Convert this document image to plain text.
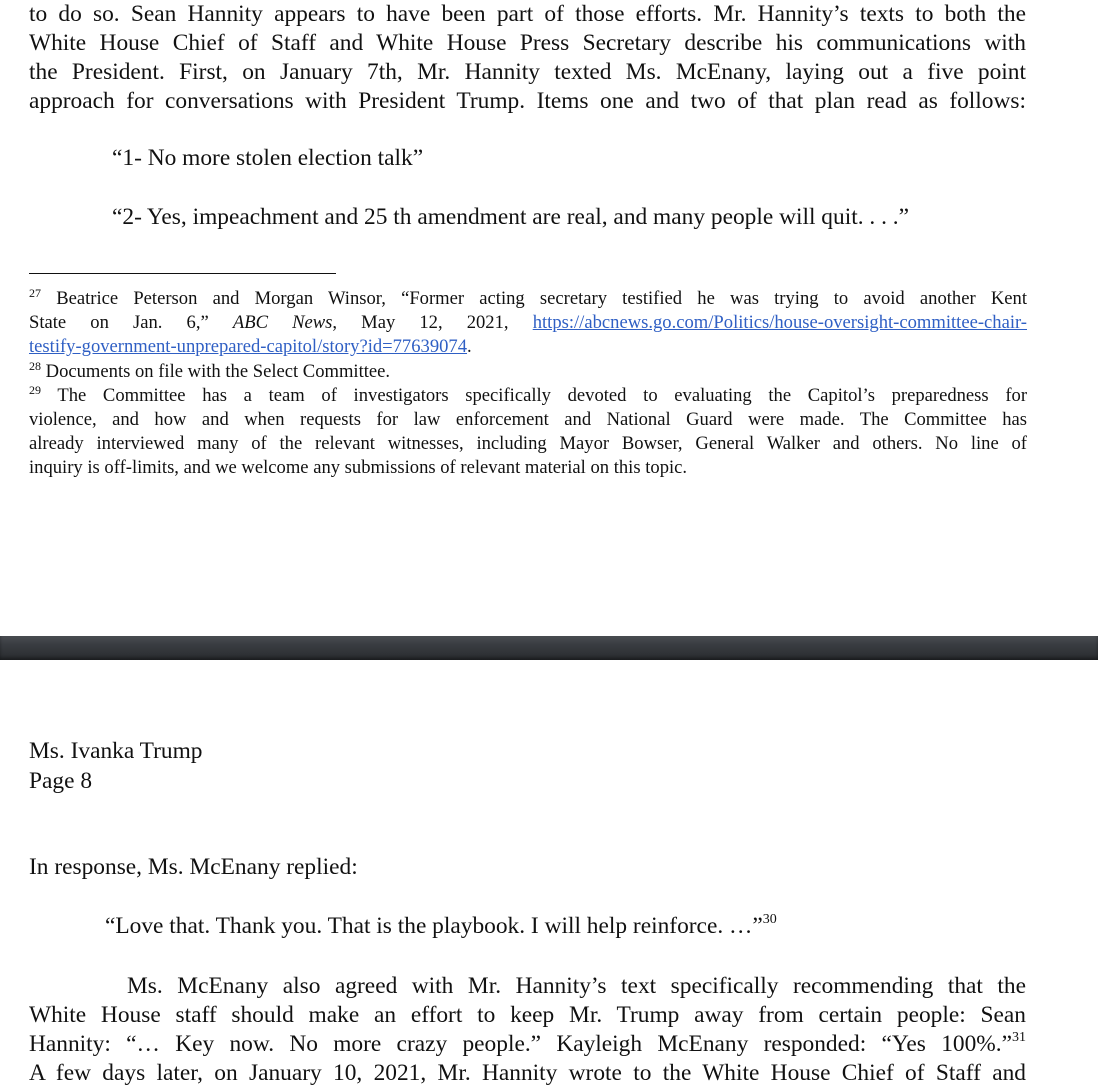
to do so. Sean Hannity appears to have been part of those efforts. Mr. Hannity’s texts to both the
White House Chief of Staff and White House Press Secretary describe his communications with
the President. First, on January 7th, Mr. Hannity texted Ms. McEnany, laying out a five point
approach for conversations with President Trump. Items one and two of that plan read as follows:

“1- No more stolen election talk”

“2- Yes, impeachment and 25 th amendment are real, and many people will quit. . . .”

$^{27}$ Beatrice Peterson and Morgan Winsor, “Former acting secretary testified he was trying to avoid another Kent
State on Jan. 6,” ABC News, May 12, 2021, https://abcnews.go.com/Politics/house-oversight-committee-chair-
testify-government-unprepared-capitol/story?id=77639074.
$^{28}$ Documents on file with the Select Committee.
$^{29}$ The Committee has a team of investigators specifically devoted to evaluating the Capitol’s preparedness for
violence, and how and when requests for law enforcement and National Guard were made. The Committee has
already interviewed many of the relevant witnesses, including Mayor Bowser, General Walker and others. No line of
inquiry is off-limits, and we welcome any submissions of relevant material on this topic.
Ms. Ivanka Trump
Page 8

In response, Ms. McEnany replied:

“Love that. Thank you. That is the playbook. I will help reinforce. …”$^{30}$

Ms. McEnany also agreed with Mr. Hannity’s text specifically recommending that the
White House staff should make an effort to keep Mr. Trump away from certain people: Sean
Hannity: “… Key now. No more crazy people.” Kayleigh McEnany responded: “Yes 100%.”$^{31}$
A few days later, on January 10, 2021, Mr. Hannity wrote to the White House Chief of Staff and
